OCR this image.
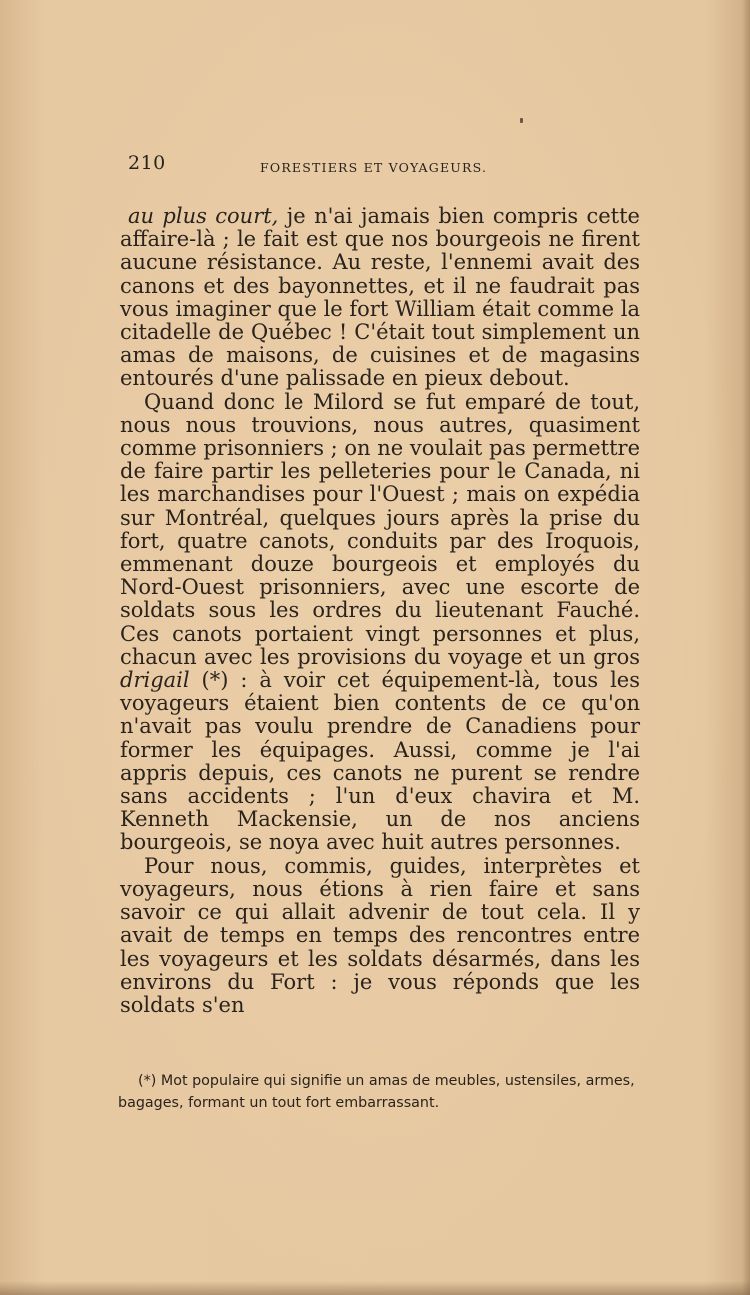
210	FORESTIERS ET VOYAGEURS.

au plus court, je n'ai jamais bien compris cette affaire-là ; le fait est que nos bourgeois ne firent aucune résistance. Au reste, l'ennemi avait des canons et des bayonnettes, et il ne faudrait pas vous imaginer que le fort William était comme la citadelle de Québec ! C'était tout simplement un amas de maisons, de cuisines et de magasins entourés d'une palissade en pieux debout.

Quand donc le Milord se fut emparé de tout, nous nous trouvions, nous autres, quasiment comme prisonniers ; on ne voulait pas permettre de faire partir les pelleteries pour le Canada, ni les marchandises pour l'Ouest ; mais on expédia sur Montréal, quelques jours après la prise du fort, quatre canots, conduits par des Iroquois, emmenant douze bourgeois et employés du Nord-Ouest prisonniers, avec une escorte de soldats sous les ordres du lieutenant Fauché. Ces canots portaient vingt personnes et plus, chacun avec les provisions du voyage et un gros drigail (*) : à voir cet équipement-là, tous les voyageurs étaient bien contents de ce qu'on n'avait pas voulu prendre de Canadiens pour former les équipages. Aussi, comme je l'ai appris depuis, ces canots ne purent se rendre sans accidents ; l'un d'eux chavira et M. Kenneth Mackensie, un de nos anciens bourgeois, se noya avec huit autres personnes.

Pour nous, commis, guides, interprètes et voyageurs, nous étions à rien faire et sans savoir ce qui allait advenir de tout cela. Il y avait de temps en temps des rencontres entre les voyageurs et les soldats désarmés, dans les environs du Fort : je vous réponds que les soldats s'en

(*) Mot populaire qui signifie un amas de meubles, ustensiles, armes, bagages, formant un tout fort embarrassant.
